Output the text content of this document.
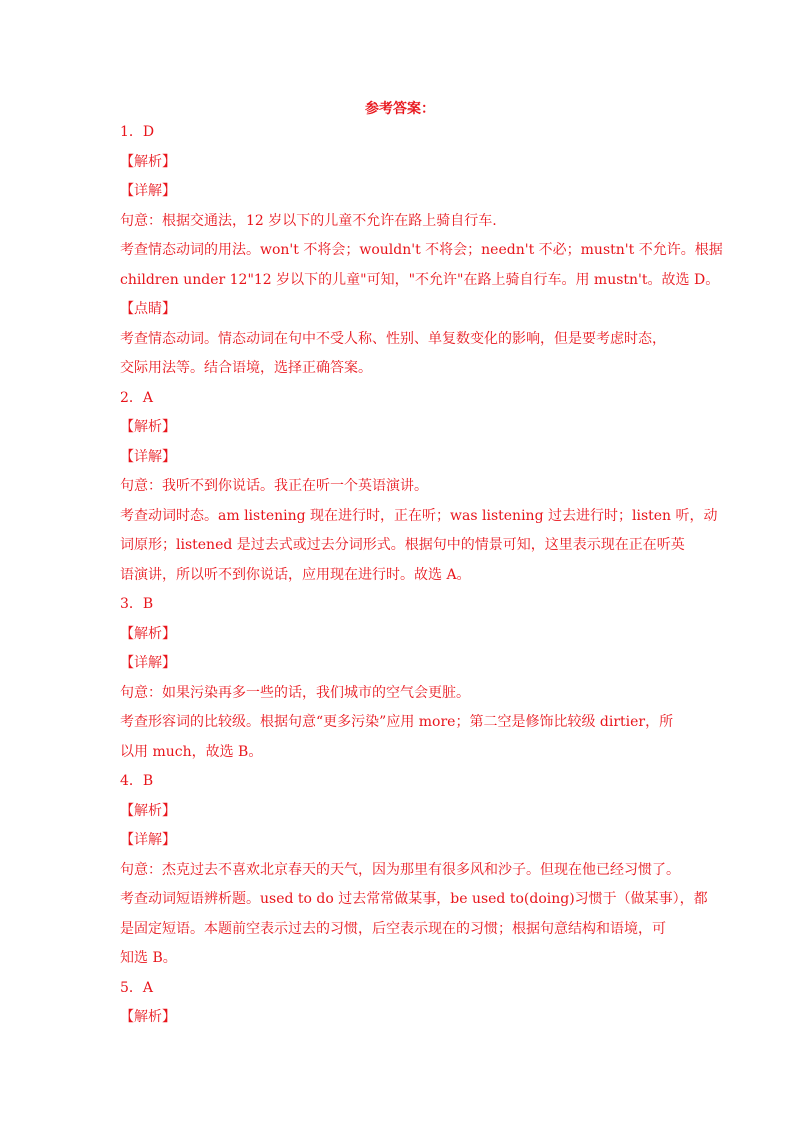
参考答案：
1．D
【解析】
【详解】
句意：根据交通法，12 岁以下的儿童不允许在路上骑自行车.
考查情态动词的用法。won't 不将会；wouldn't 不将会；needn't 不必；mustn't 不允许。根据
children under 12"12 岁以下的儿童"可知，"不允许"在路上骑自行车。用 mustn't。故选 D。
【点睛】
考查情态动词。情态动词在句中不受人称、性别、单复数变化的影响，但是要考虑时态，
交际用法等。结合语境，选择正确答案。
2．A
【解析】
【详解】
句意：我听不到你说话。我正在听一个英语演讲。
考查动词时态。am listening 现在进行时，正在听；was listening 过去进行时；listen 听，动
词原形；listened 是过去式或过去分词形式。根据句中的情景可知，这里表示现在正在听英
语演讲，所以听不到你说话，应用现在进行时。故选 A。
3．B
【解析】
【详解】
句意：如果污染再多一些的话，我们城市的空气会更脏。
考查形容词的比较级。根据句意“更多污染”应用 more；第二空是修饰比较级 dirtier，所
以用 much，故选 B。
4．B
【解析】
【详解】
句意：杰克过去不喜欢北京春天的天气，因为那里有很多风和沙子。但现在他已经习惯了。
考查动词短语辨析题。used to do 过去常常做某事，be used to(doing)习惯于（做某事），都
是固定短语。本题前空表示过去的习惯，后空表示现在的习惯；根据句意结构和语境，可
知选 B。
5．A
【解析】
